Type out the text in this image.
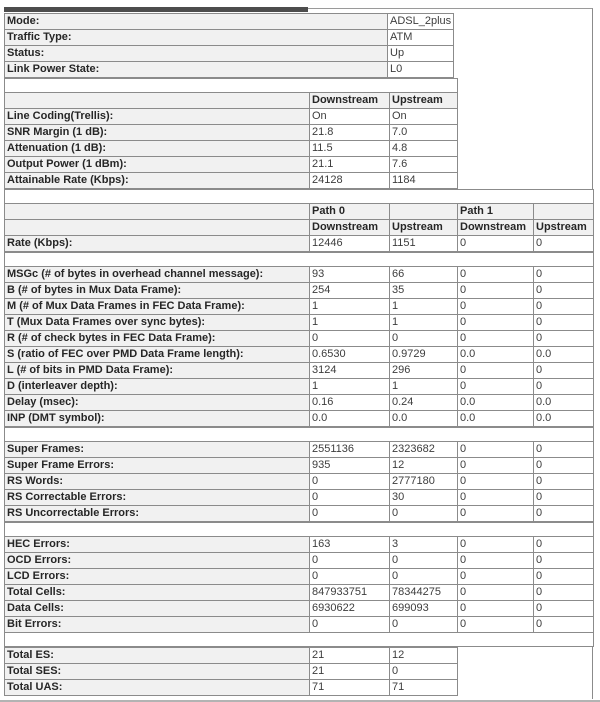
Mode:	ADSL_2plus
Traffic Type:	ATM
Status:	Up
Link Power State:	L0

	Downstream	Upstream
Line Coding(Trellis):	On	On
SNR Margin (1 dB):	21.8	7.0
Attenuation (1 dB):	11.5	4.8
Output Power (1 dBm):	21.1	7.6
Attainable Rate (Kbps):	24128	1184

	Path 0		Path 1	
	Downstream	Upstream	Downstream	Upstream
Rate (Kbps):	12446	1151	0	0

MSGc (# of bytes in overhead channel message):	93	66	0	0
B (# of bytes in Mux Data Frame):	254	35	0	0
M (# of Mux Data Frames in FEC Data Frame):	1	1	0	0
T (Mux Data Frames over sync bytes):	1	1	0	0
R (# of check bytes in FEC Data Frame):	0	0	0	0
S (ratio of FEC over PMD Data Frame length):	0.6530	0.9729	0.0	0.0
L (# of bits in PMD Data Frame):	3124	296	0	0
D (interleaver depth):	1	1	0	0
Delay (msec):	0.16	0.24	0.0	0.0
INP (DMT symbol):	0.0	0.0	0.0	0.0

Super Frames:	2551136	2323682	0	0
Super Frame Errors:	935	12	0	0
RS Words:	0	2777180	0	0
RS Correctable Errors:	0	30	0	0
RS Uncorrectable Errors:	0	0	0	0

HEC Errors:	163	3	0	0
OCD Errors:	0	0	0	0
LCD Errors:	0	0	0	0
Total Cells:	847933751	78344275	0	0
Data Cells:	6930622	699093	0	0
Bit Errors:	0	0	0	0

Total ES:	21	12
Total SES:	21	0
Total UAS:	71	71
